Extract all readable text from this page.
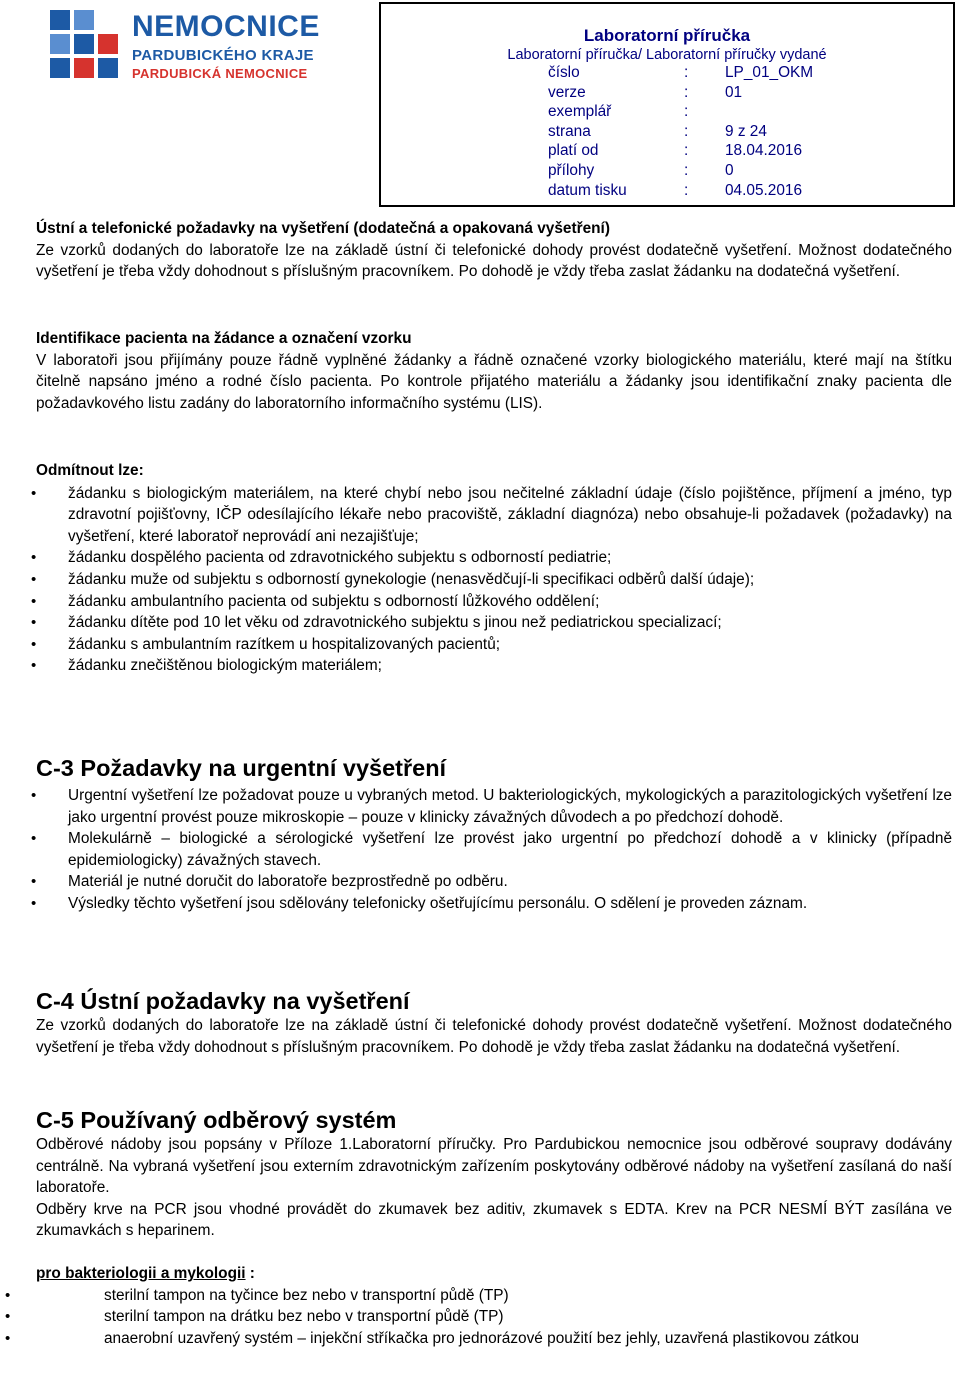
NEMOCNICE
PARDUBICKÉHO KRAJE
PARDUBICKÁ NEMOCNICE
Laboratorní příručka
Laboratorní příručka/ Laboratorní příručky vydané
číslo	: LP_01_OKM
verze	: 01
exemplář	:
strana	: 9 z 24
platí od	: 18.04.2016
přílohy	: 0
datum tisku	: 04.05.2016
Ústní a telefonické požadavky na vyšetření (dodatečná a opakovaná vyšetření)
Ze vzorků dodaných do laboratoře lze na základě ústní či telefonické dohody provést dodatečně vyšetření. Možnost dodatečného vyšetření je třeba vždy dohodnout s příslušným pracovníkem. Po dohodě je vždy třeba zaslat žádanku na dodatečná vyšetření.
Identifikace pacienta na žádance a označení vzorku
V laboratoři jsou přijímány pouze řádně vyplněné žádanky a řádně označené vzorky biologického materiálu, které mají na štítku čitelně napsáno jméno a rodné číslo pacienta. Po kontrole přijatého materiálu a žádanky jsou identifikační znaky pacienta dle požadavkového listu zadány do laboratorního informačního systému (LIS).
Odmítnout lze:
• žádanku s biologickým materiálem, na které chybí nebo jsou nečitelné základní údaje (číslo pojištěnce, příjmení a jméno, typ zdravotní pojišťovny, IČP odesílajícího lékaře nebo pracoviště, základní diagnóza) nebo obsahuje-li požadavek (požadavky) na vyšetření, které laboratoř neprovádí ani nezajišťuje;
• žádanku dospělého pacienta od zdravotnického subjektu s odborností pediatrie;
• žádanku muže od subjektu s odborností gynekologie (nenasvědčují-li specifikaci odběrů další údaje);
• žádanku ambulantního pacienta od subjektu s odborností lůžkového oddělení;
• žádanku dítěte pod 10 let věku od zdravotnického subjektu s jinou než pediatrickou specializací;
• žádanku s ambulantním razítkem u hospitalizovaných pacientů;
• žádanku znečištěnou biologickým materiálem;
C-3 Požadavky na urgentní vyšetření
• Urgentní vyšetření lze požadovat pouze u vybraných metod. U bakteriologických, mykologických a parazitologických vyšetření lze jako urgentní provést pouze mikroskopie – pouze v klinicky závažných důvodech a po předchozí dohodě.
• Molekulárně – biologické a sérologické vyšetření lze provést jako urgentní po předchozí dohodě a v klinicky (případně epidemiologicky) závažných stavech.
• Materiál je nutné doručit do laboratoře bezprostředně po odběru.
• Výsledky těchto vyšetření jsou sdělovány telefonicky ošetřujícímu personálu. O sdělení je proveden záznam.
C-4 Ústní požadavky na vyšetření
Ze vzorků dodaných do laboratoře lze na základě ústní či telefonické dohody provést dodatečně vyšetření. Možnost dodatečného vyšetření je třeba vždy dohodnout s příslušným pracovníkem. Po dohodě je vždy třeba zaslat žádanku na dodatečná vyšetření.
C-5 Používaný odběrový systém
Odběrové nádoby jsou popsány v Příloze 1.Laboratorní příručky. Pro Pardubickou nemocnice jsou odběrové soupravy dodávány centrálně. Na vybraná vyšetření jsou externím zdravotnickým zařízením poskytovány odběrové nádoby na vyšetření zasílaná do naší laboratoře.
Odběry krve na PCR jsou vhodné provádět do zkumavek bez aditiv, zkumavek s EDTA. Krev na PCR NESMÍ BÝT zasílána ve zkumavkách s heparinem.
pro bakteriologii a mykologii :
• sterilní tampon na tyčince bez nebo v transportní půdě (TP)
• sterilní tampon na drátku bez nebo v transportní půdě (TP)
• anaerobní uzavřený systém – injekční stříkačka pro jednorázové použití bez jehly, uzavřená plastikovou zátkou
